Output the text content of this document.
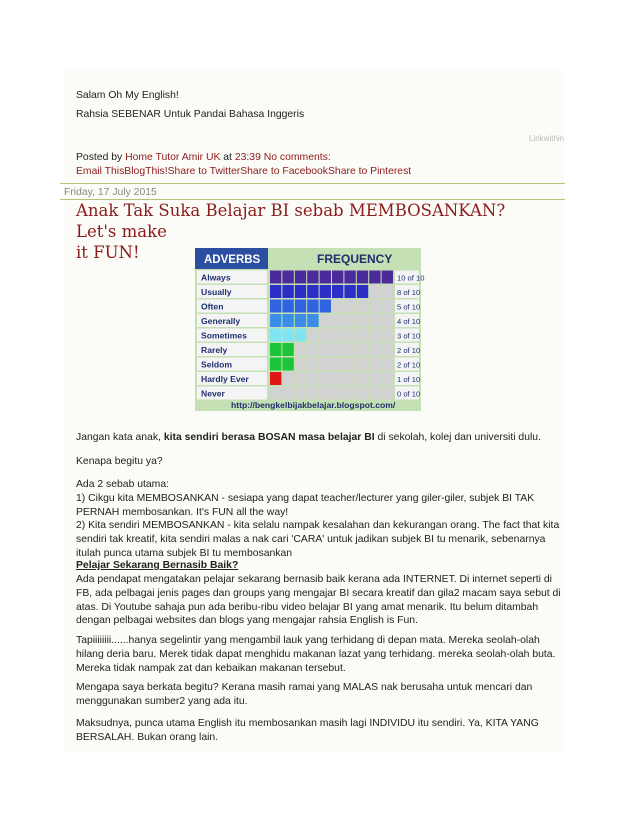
Salam Oh My English!
Rahsia SEBENAR Untuk Pandai Bahasa Inggeris
Linkwithin
Posted by Home Tutor Amir UK at 23:39 No comments:
Email ThisBlogThis!Share to TwitterShare to FacebookShare to Pinterest
Friday, 17 July 2015
Anak Tak Suka Belajar BI sebab MEMBOSANKAN? Let's make
it FUN!	ADVERBS	FREQUENCY
Always	10 of 10
Usually	8 of 10
Often	5 of 10
Generally	4 of 10
Sometimes	3 of 10
Rarely	2 of 10
Seldom	2 of 10
Hardly Ever	1 of 10
Never	0 of 10
http://bengkelbijakbelajar.blogspot.com/
Jangan kata anak, kita sendiri berasa BOSAN masa belajar BI di sekolah, kolej dan universiti dulu.
Kenapa begitu ya?
Ada 2 sebab utama:
1) Cikgu kita MEMBOSANKAN - sesiapa yang dapat teacher/lecturer yang giler-giler, subjek BI TAK
PERNAH membosankan. It's FUN all the way!
2) Kita sendiri MEMBOSANKAN - kita selalu nampak kesalahan dan kekurangan orang. The fact that kita
sendiri tak kreatif, kita sendiri malas a nak cari 'CARA' untuk jadikan subjek BI tu menarik, sebenarnya
itulah punca utama subjek BI tu membosankan
Pelajar Sekarang Bernasib Baik?
Ada pendapat mengatakan pelajar sekarang bernasib baik kerana ada INTERNET. Di internet seperti di
FB, ada pelbagai jenis pages dan groups yang mengajar BI secara kreatif dan gila2 macam saya sebut di
atas. Di Youtube sahaja pun ada beribu-ribu video belajar BI yang amat menarik. Itu belum ditambah
dengan pelbagai websites dan blogs yang mengajar rahsia English is Fun.
Tapiiiiiiii......hanya segelintir yang mengambil lauk yang terhidang di depan mata. Mereka seolah-olah
hilang deria baru. Merek tidak dapat menghidu makanan lazat yang terhidang. mereka seolah-olah buta.
Mereka tidak nampak zat dan kebaikan makanan tersebut.
Mengapa saya berkata begitu? Kerana masih ramai yang MALAS nak berusaha untuk mencari dan
menggunakan sumber2 yang ada itu.
Maksudnya, punca utama English itu membosankan masih lagi INDIVIDU itu sendiri. Ya, KITA YANG
BERSALAH. Bukan orang lain.
